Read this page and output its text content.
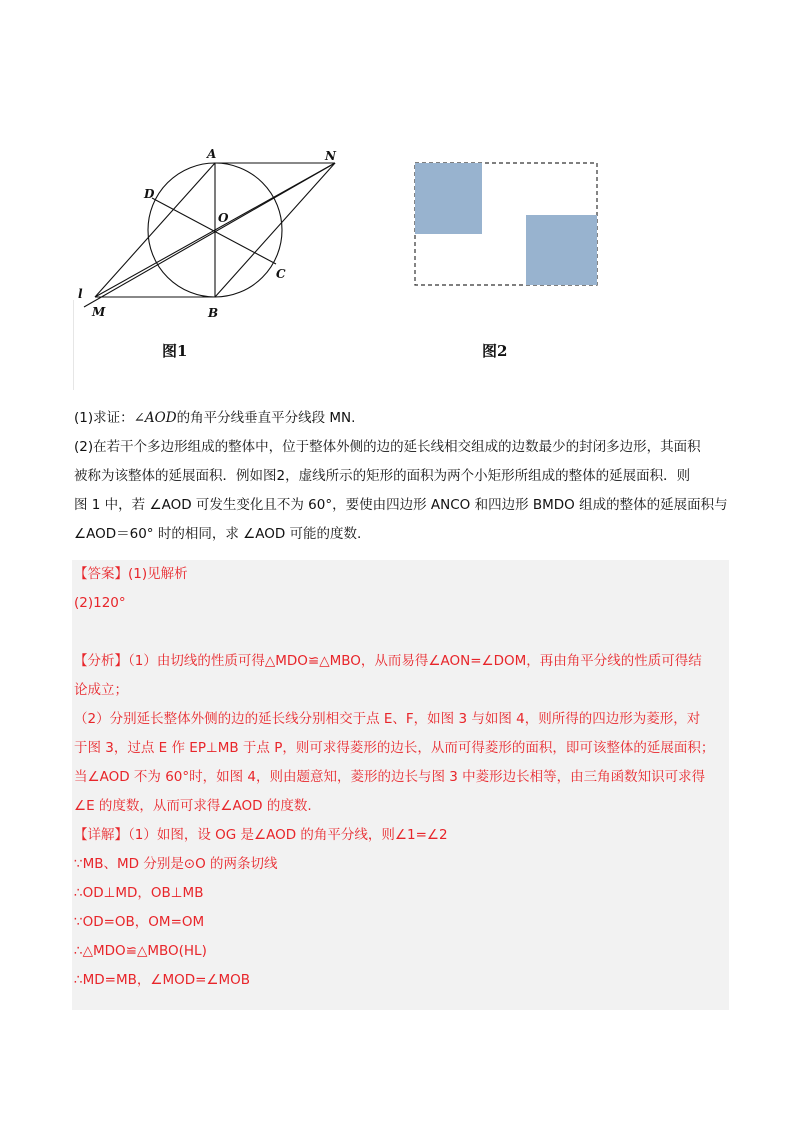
A	N
D
O
C
l
M	B
图1	图2

(1)求证：∠AOD的角平分线垂直平分线段 MN.

(2)在若干个多边形组成的整体中，位于整体外侧的边的延长线相交组成的边数最少的封闭多边形，其面积

被称为该整体的延展面积．例如图2，虚线所示的矩形的面积为两个小矩形所组成的整体的延展面积．则

图 1 中，若 ∠AOD 可发生变化且不为 60°，要使由四边形 ANCO 和四边形 BMDO 组成的整体的延展面积与

∠AOD＝60° 时的相同，求 ∠AOD 可能的度数.

【答案】(1)见解析

(2)120°

【分析】（1）由切线的性质可得△MDO≌△MBO，从而易得∠AON=∠DOM，再由角平分线的性质可得结

论成立；

（2）分别延长整体外侧的边的延长线分别相交于点 E、F，如图 3 与如图 4，则所得的四边形为菱形，对

于图 3，过点 E 作 EP⊥MB 于点 P，则可求得菱形的边长，从而可得菱形的面积，即可该整体的延展面积；

当∠AOD 不为 60°时，如图 4，则由题意知，菱形的边长与图 3 中菱形边长相等，由三角函数知识可求得

∠E 的度数，从而可求得∠AOD 的度数.

【详解】（1）如图，设 OG 是∠AOD 的角平分线，则∠1=∠2

∵MB、MD 分别是⊙O 的两条切线

∴OD⊥MD，OB⊥MB

∵OD=OB，OM=OM

∴△MDO≌△MBO(HL)

∴MD=MB，∠MOD=∠MOB
